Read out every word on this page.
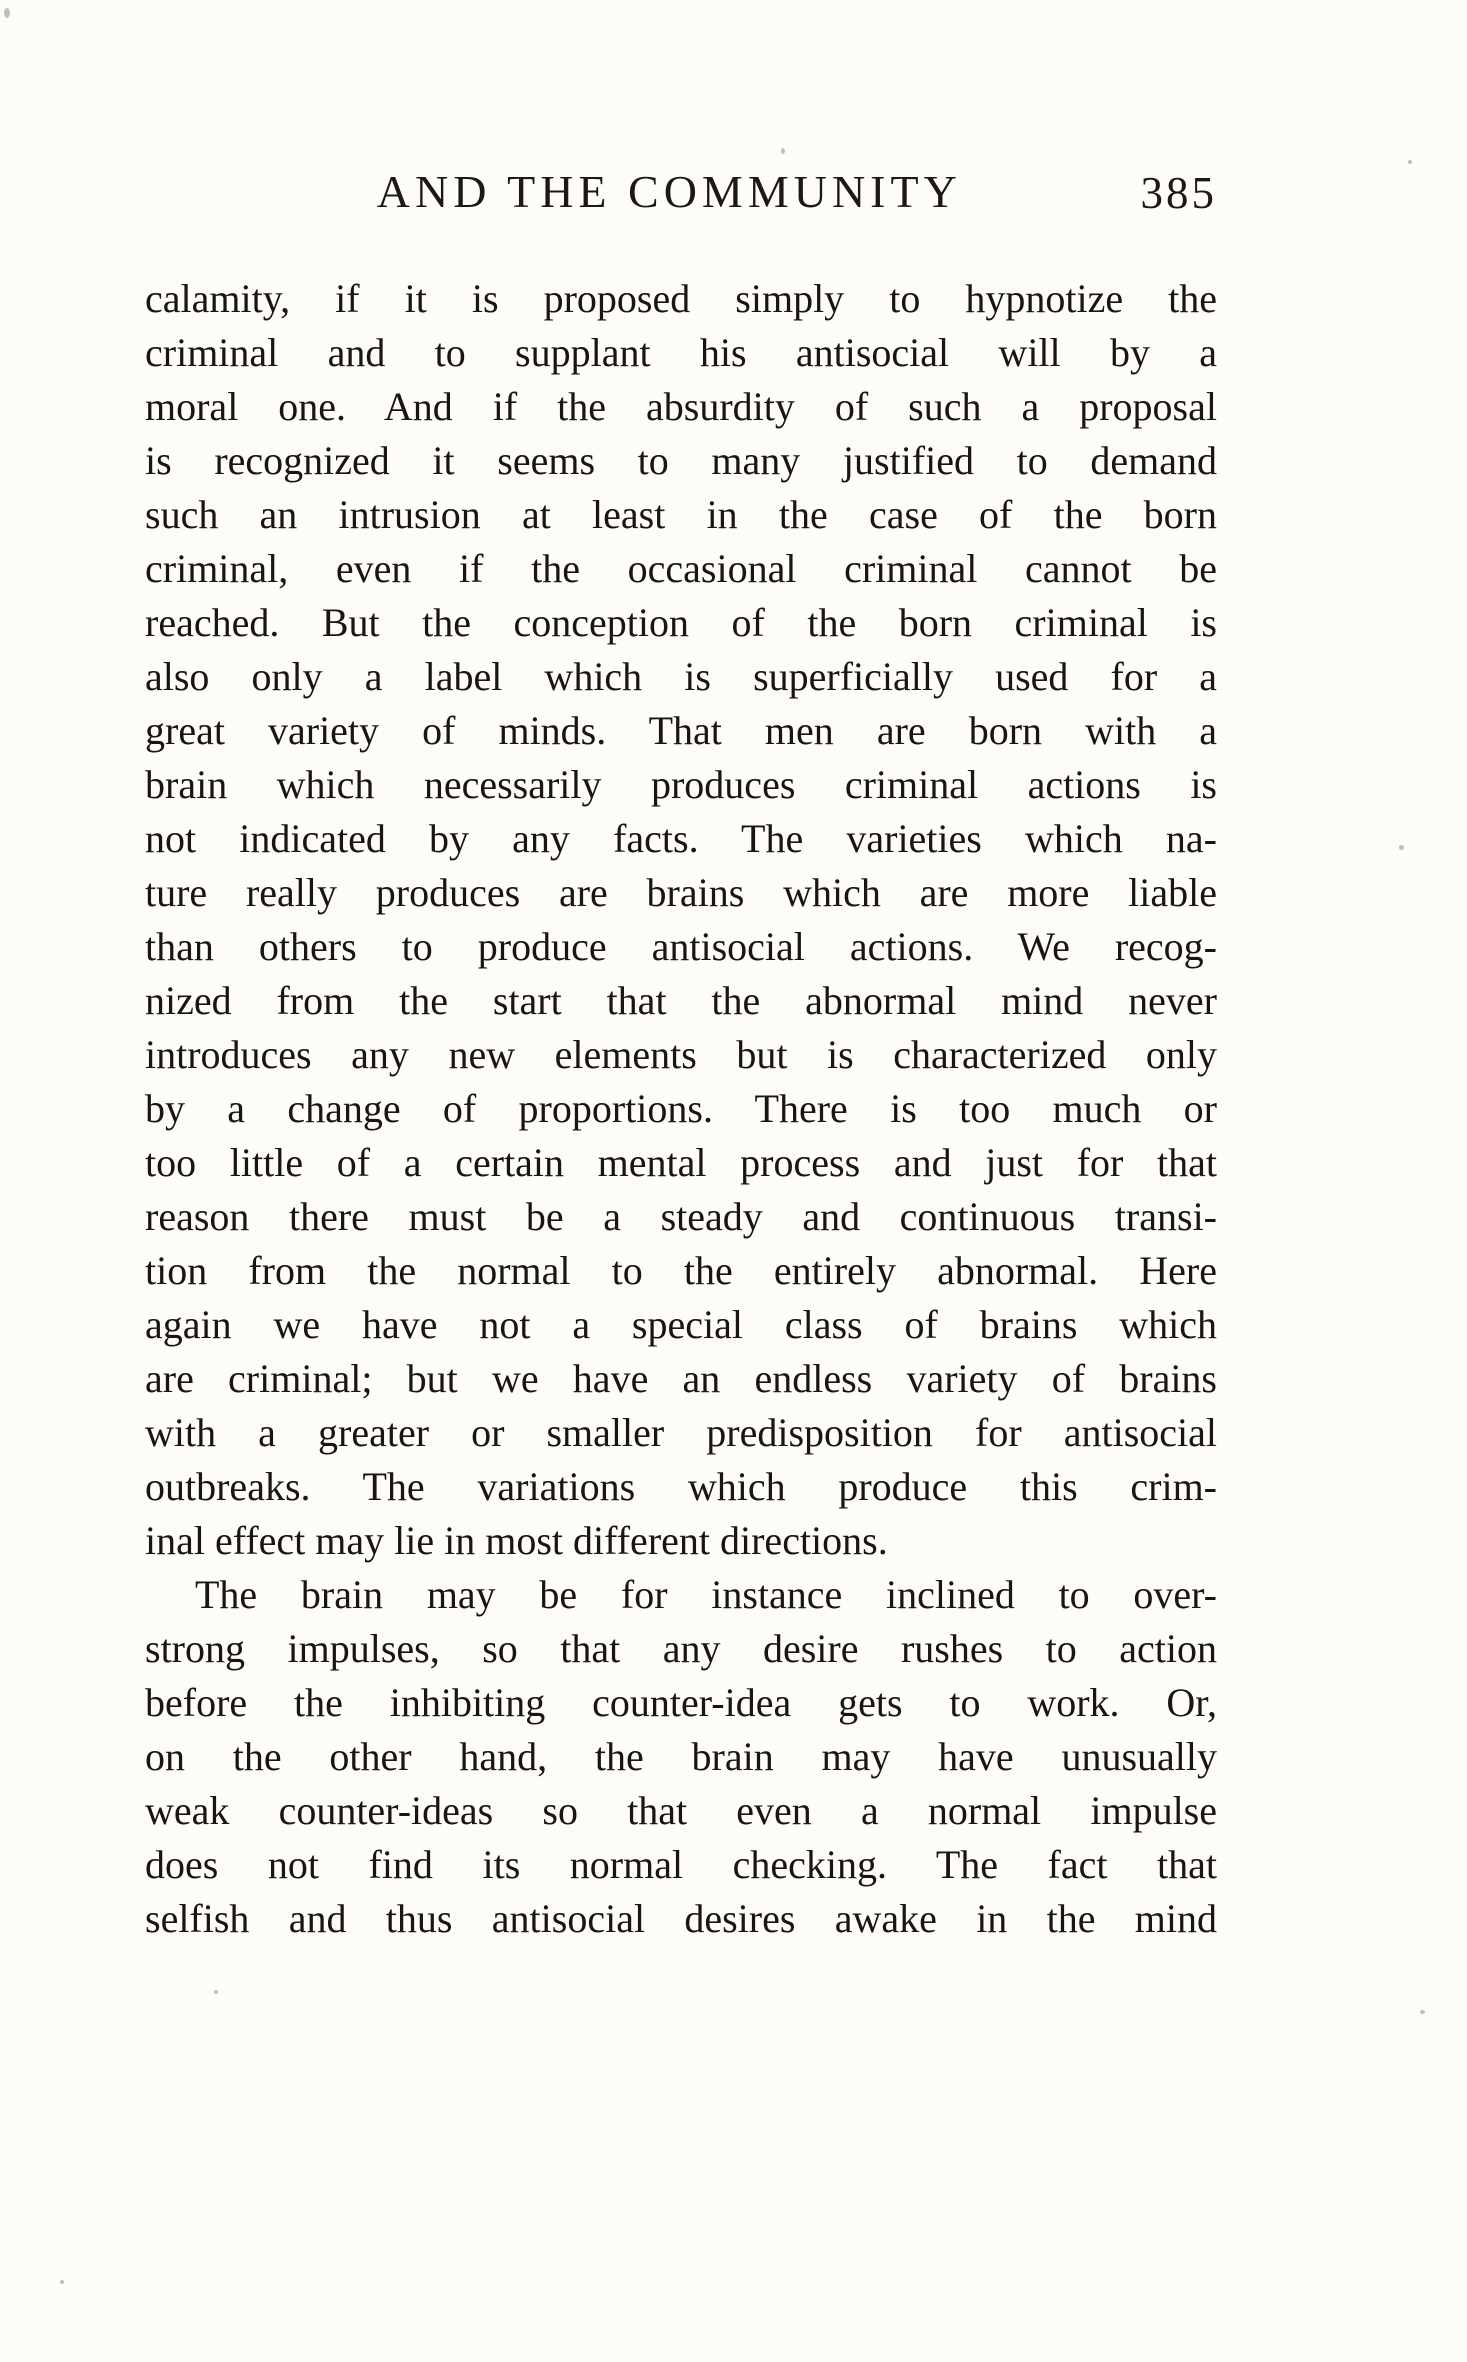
AND THE COMMUNITY	385
calamity, if it is proposed simply to hypnotize the
criminal and to supplant his antisocial will by a
moral one. And if the absurdity of such a proposal
is recognized it seems to many justified to demand
such an intrusion at least in the case of the born
criminal, even if the occasional criminal cannot be
reached. But the conception of the born criminal is
also only a label which is superficially used for a
great variety of minds. That men are born with a
brain which necessarily produces criminal actions is
not indicated by any facts. The varieties which na-
ture really produces are brains which are more liable
than others to produce antisocial actions. We recog-
nized from the start that the abnormal mind never
introduces any new elements but is characterized only
by a change of proportions. There is too much or
too little of a certain mental process and just for that
reason there must be a steady and continuous transi-
tion from the normal to the entirely abnormal. Here
again we have not a special class of brains which
are criminal; but we have an endless variety of brains
with a greater or smaller predisposition for antisocial
outbreaks. The variations which produce this crim-
inal effect may lie in most different directions.
The brain may be for instance inclined to over-
strong impulses, so that any desire rushes to action
before the inhibiting counter-idea gets to work. Or,
on the other hand, the brain may have unusually
weak counter-ideas so that even a normal impulse
does not find its normal checking. The fact that
selfish and thus antisocial desires awake in the mind
